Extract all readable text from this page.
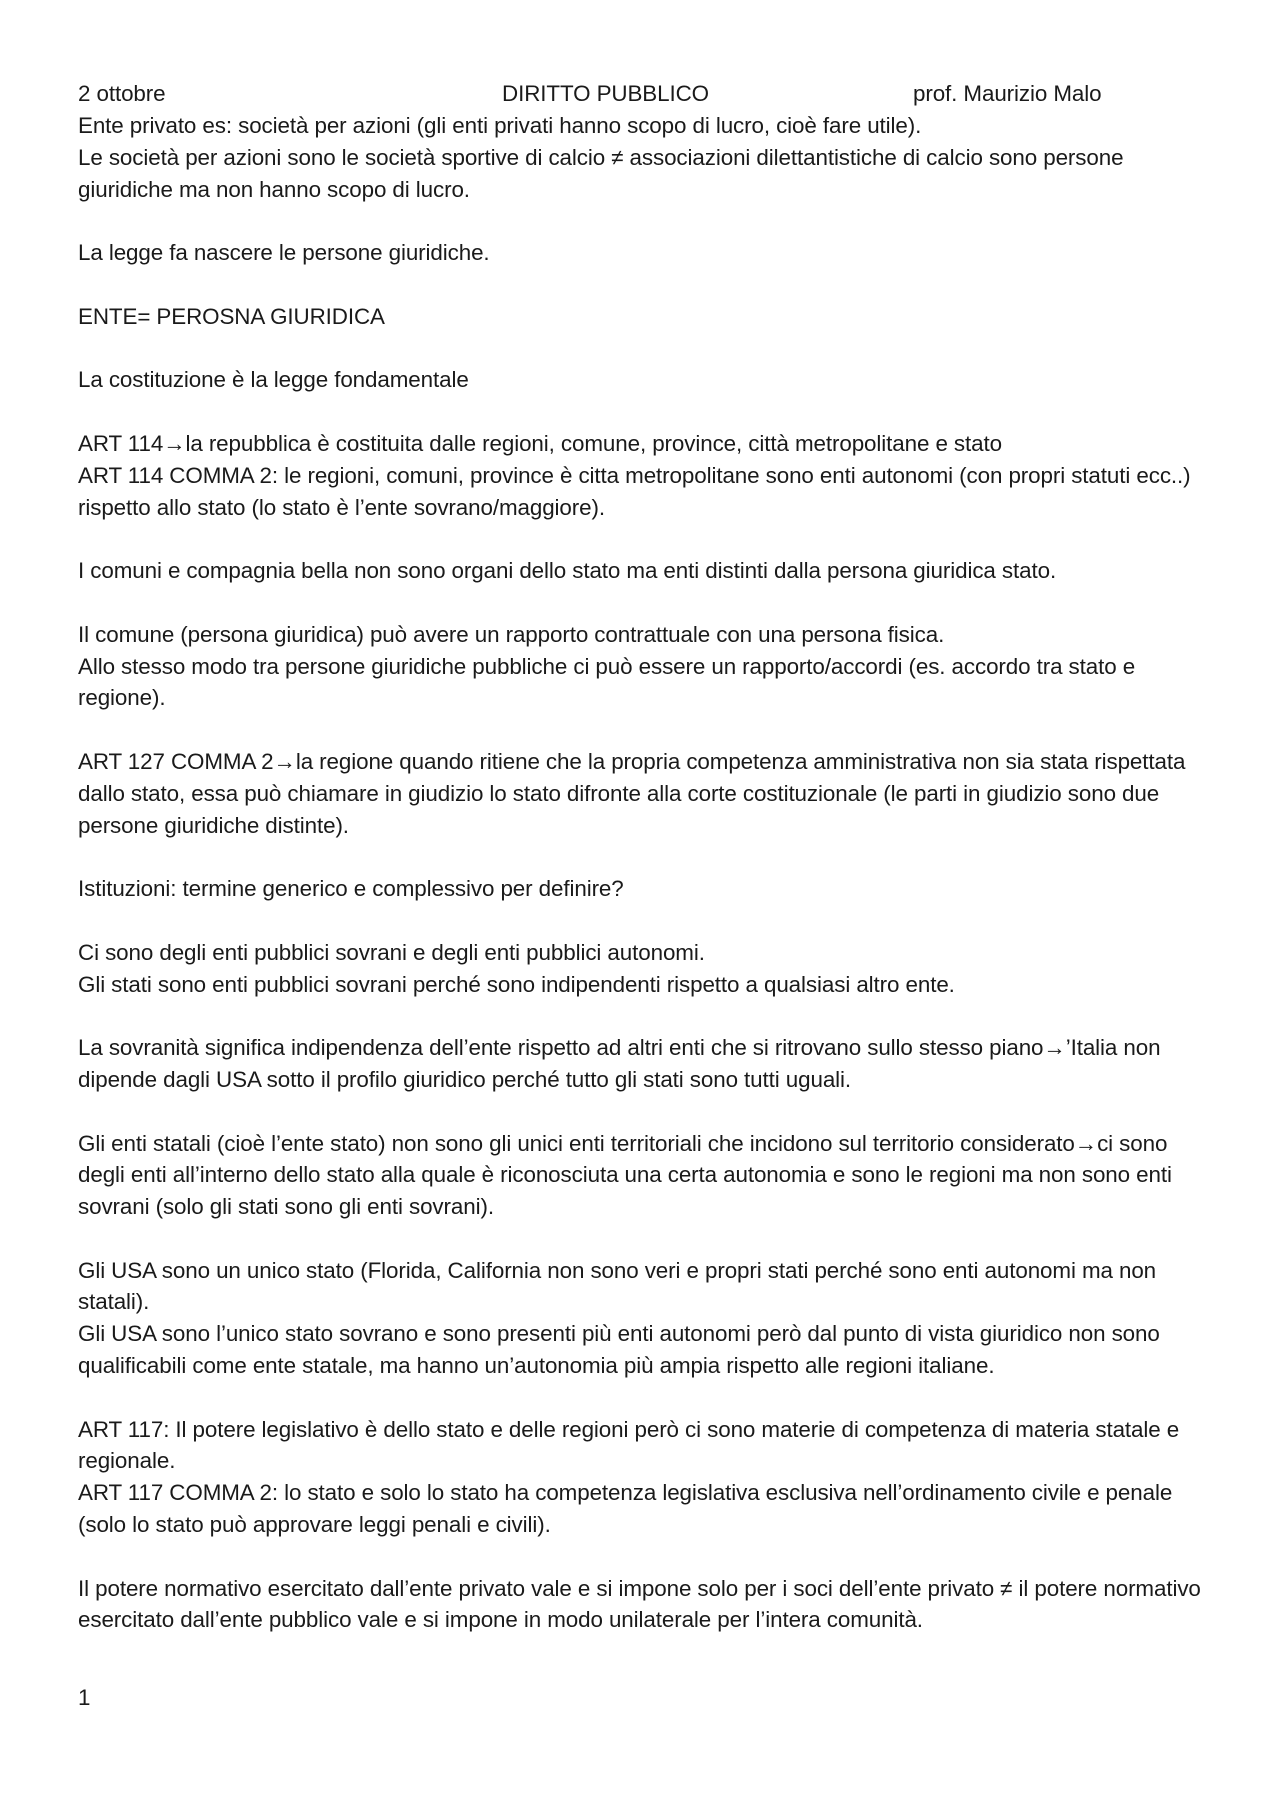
2 ottobre	DIRITTO PUBBLICO	prof. Maurizio Malo
Ente privato es: società per azioni (gli enti privati hanno scopo di lucro, cioè fare utile).
Le società per azioni sono le società sportive di calcio ≠ associazioni dilettantistiche di calcio sono persone giuridiche ma non hanno scopo di lucro.
La legge fa nascere le persone giuridiche.
ENTE= PEROSNA GIURIDICA
La costituzione è la legge fondamentale
ART 114→la repubblica è costituita dalle regioni, comune, province, città metropolitane e stato
ART 114 COMMA 2: le regioni, comuni, province è citta metropolitane sono enti autonomi (con propri statuti ecc..) rispetto allo stato (lo stato è l’ente sovrano/maggiore).
I comuni e compagnia bella non sono organi dello stato ma enti distinti dalla persona giuridica stato.
Il comune (persona giuridica) può avere un rapporto contrattuale con una persona fisica.
Allo stesso modo tra persone giuridiche pubbliche ci può essere un rapporto/accordi (es. accordo tra stato e regione).
ART 127 COMMA 2→la regione quando ritiene che la propria competenza amministrativa non sia stata rispettata dallo stato, essa può chiamare in giudizio lo stato difronte alla corte costituzionale (le parti in giudizio sono due persone giuridiche distinte).
Istituzioni: termine generico e complessivo per definire?
Ci sono degli enti pubblici sovrani e degli enti pubblici autonomi.
Gli stati sono enti pubblici sovrani perché sono indipendenti rispetto a qualsiasi altro ente.
La sovranità significa indipendenza dell’ente rispetto ad altri enti che si ritrovano sullo stesso piano→’Italia non dipende dagli USA sotto il profilo giuridico perché tutto gli stati sono tutti uguali.
Gli enti statali (cioè l’ente stato) non sono gli unici enti territoriali che incidono sul territorio considerato→ci sono degli enti all’interno dello stato alla quale è riconosciuta una certa autonomia e sono le regioni ma non sono enti sovrani (solo gli stati sono gli enti sovrani).
Gli USA sono un unico stato (Florida, California non sono veri e propri stati perché sono enti autonomi ma non statali).
Gli USA sono l’unico stato sovrano e sono presenti più enti autonomi però dal punto di vista giuridico non sono qualificabili come ente statale, ma hanno un’autonomia più ampia rispetto alle regioni italiane.
ART 117: Il potere legislativo è dello stato e delle regioni però ci sono materie di competenza di materia statale e regionale.
ART 117 COMMA 2: lo stato e solo lo stato ha competenza legislativa esclusiva nell’ordinamento civile e penale (solo lo stato può approvare leggi penali e civili).
Il potere normativo esercitato dall’ente privato vale e si impone solo per i soci dell’ente privato ≠ il potere normativo esercitato dall’ente pubblico vale e si impone in modo unilaterale per l’intera comunità.
1
